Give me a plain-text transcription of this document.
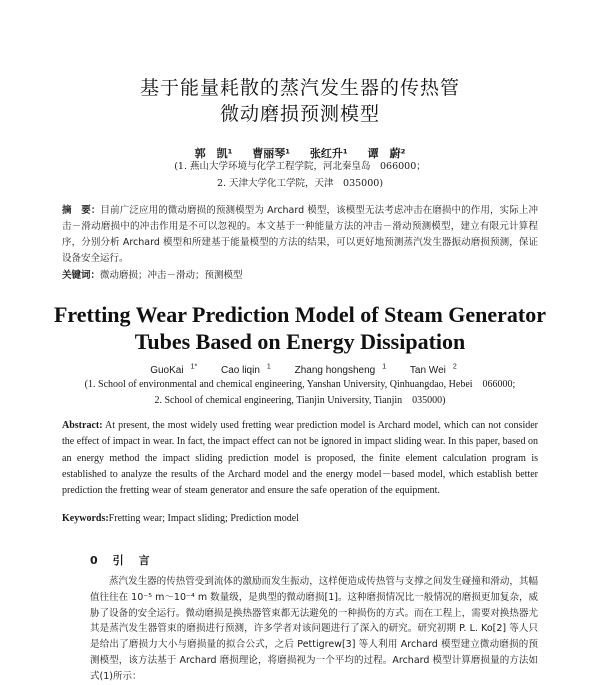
基于能量耗散的蒸汽发生器的传热管
微动磨损预测模型
郭　凯¹ 曹丽琴¹ 张红升¹ 谭　蔚²
(1. 燕山大学环境与化学工程学院，河北秦皇岛　066000；
2. 天津大学化工学院，天津　035000)
摘　要：目前广泛应用的微动磨损的预测模型为 Archard 模型，该模型无法考虑冲击在磨损中的作用，实际上冲击－滑动磨损中的冲击作用是不可以忽视的。本文基于一种能量方法的冲击－滑动预测模型，建立有限元计算程序，分别分析 Archard 模型和所建基于能量模型的方法的结果，可以更好地预测蒸汽发生器振动磨损预测，保证设备安全运行。
关键词：微动磨损；冲击－滑动；预测模型
Fretting Wear Prediction Model of Steam Generator
Tubes Based on Energy Dissipation
GuoKai $^{1*}$ Cao liqin $^1$ Zhang hongsheng $^1$ Tan Wei $^2$
(1. School of environmental and chemical engineering, Yanshan University, Qinhuangdao, Hebei　066000;
2. School of chemical engineering, Tianjin University, Tianjin　035000)
Abstract: At present, the most widely used fretting wear prediction model is Archard model, which can not consider the effect of impact in wear. In fact, the impact effect can not be ignored in impact sliding wear. In this paper, based on an energy method the impact sliding prediction model is proposed, the finite element calculation program is established to analyze the results of the Archard model and the energy model－based model, which establish better prediction the fretting wear of steam generator and ensure the safe operation of the equipment.
Keywords:Fretting wear; Impact sliding; Prediction model
0　引　言
蒸汽发生器的传热管受到流体的激励而发生振动，这样便造成传热管与支撑之间发生碰撞和滑动，其幅值往往在 10⁻⁵ m～10⁻⁴ m 数量级，是典型的微动磨损[1]。这种磨损情况比一般情况的磨损更加复杂，威胁了设备的安全运行。微动磨损是换热器管束都无法避免的一种损伤的方式。而在工程上，需要对换热器尤其是蒸汽发生器管束的磨损进行预测，许多学者对该问题进行了深入的研究。研究初期 P. L. Ko[2] 等人只是给出了磨损力大小与磨损量的拟合公式，之后 Pettigrew[3] 等人利用 Archard 模型建立微动磨损的预测模型，该方法基于 Archard 磨损理论，将磨损视为一个平均的过程。Archard 模型计算磨损量的方法如式(1)所示：
